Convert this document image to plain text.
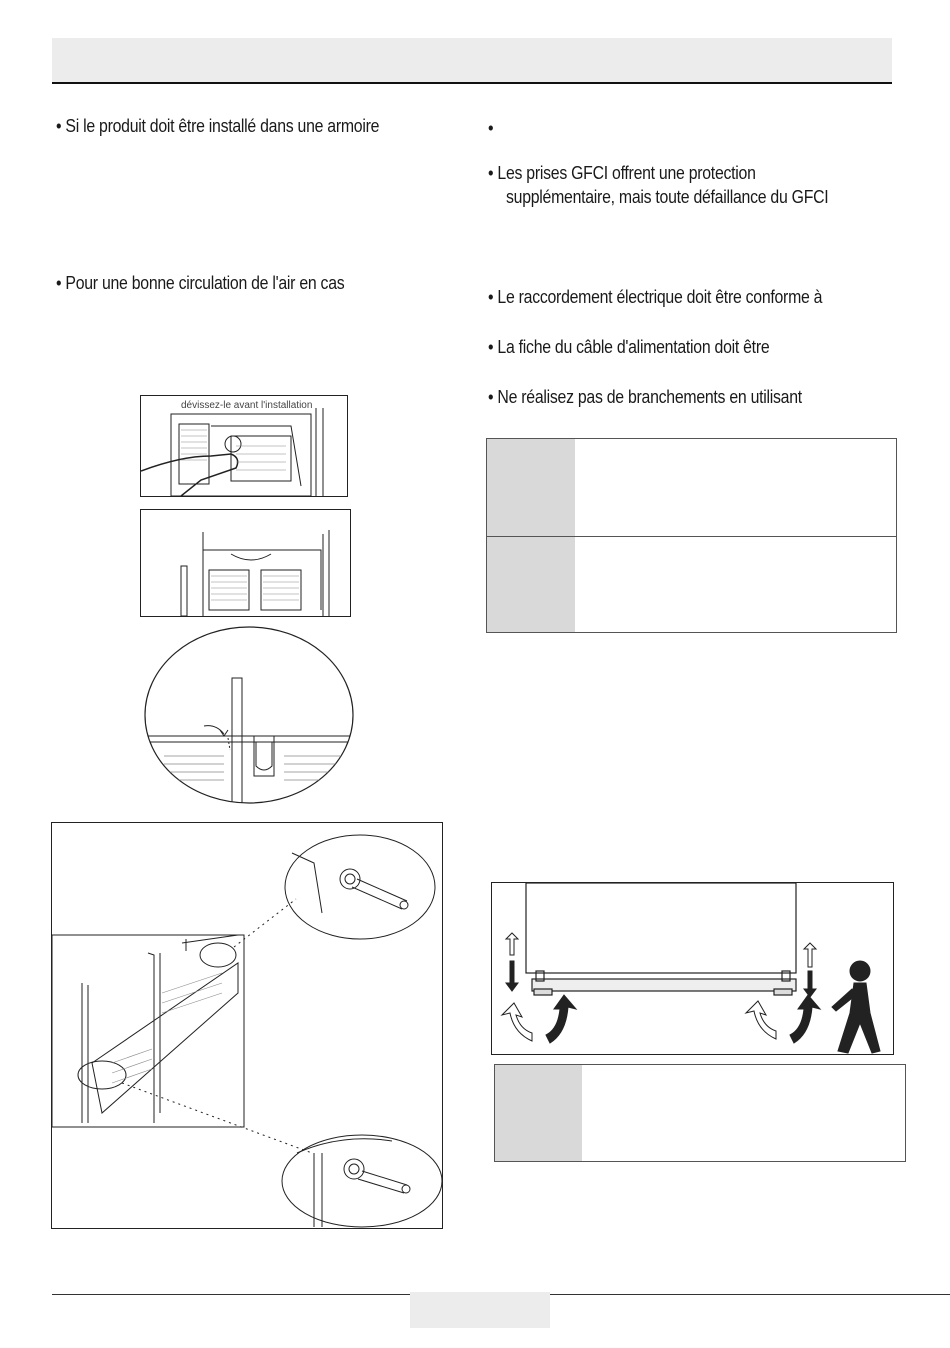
• Si le produit doit être installé dans une armoire
• Pour une bonne circulation de l'air en cas
•
• Les prises GFCI offrent une protection
supplémentaire, mais toute défaillance du GFCI
• Le raccordement électrique doit être conforme à
• La fiche du câble d'alimentation doit être
• Ne réalisez pas de branchements en utilisant
dévissez-le avant l'installation
